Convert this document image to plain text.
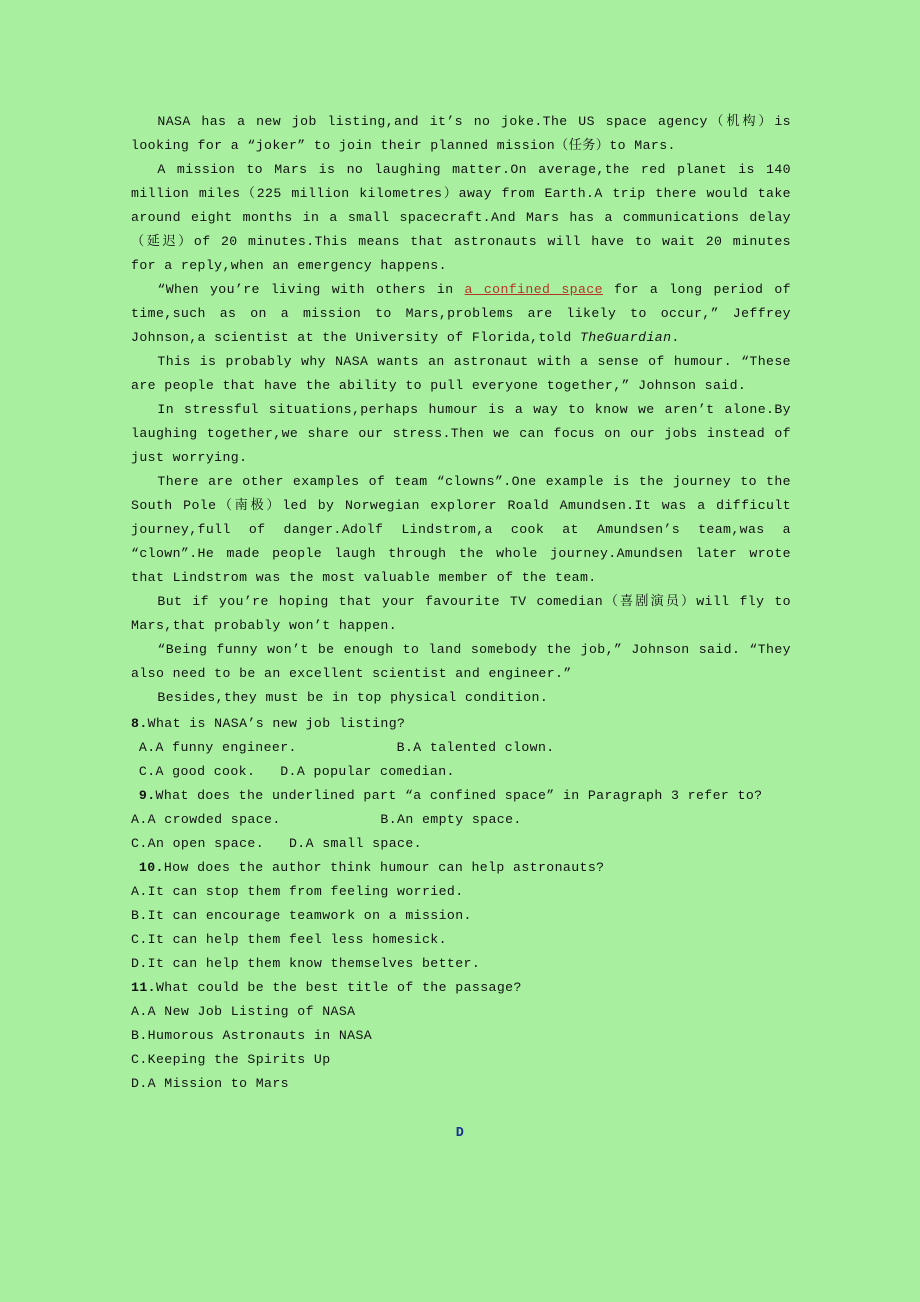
NASA has a new job listing,and it’s no joke.The US space agency（机构）is looking for a “joker” to join their planned mission（任务）to Mars.

A mission to Mars is no laughing matter.On average,the red planet is 140 million miles（225 million kilometres）away from Earth.A trip there would take around eight months in a small spacecraft.And Mars has a communications delay（延迟）of 20 minutes.This means that astronauts will have to wait 20 minutes for a reply,when an emergency happens.

“When you’re living with others in a confined space for a long period of time,such as on a mission to Mars,problems are likely to occur,” Jeffrey Johnson,a scientist at the University of Florida,told TheGuardian.

This is probably why NASA wants an astronaut with a sense of humour. “These are people that have the ability to pull everyone together,” Johnson said.

In stressful situations,perhaps humour is a way to know we aren’t alone.By laughing together,we share our stress.Then we can focus on our jobs instead of just worrying.

There are other examples of team “clowns”.One example is the journey to the South Pole（南极）led by Norwegian explorer Roald Amundsen.It was a difficult journey,full of danger.Adolf Lindstrom,a cook at Amundsen’s team,was a “clown”.He made people laugh through the whole journey.Amundsen later wrote that Lindstrom was the most valuable member of the team.

But if you’re hoping that your favourite TV comedian（喜剧演员）will fly to Mars,that probably won’t happen.

“Being funny won’t be enough to land somebody the job,” Johnson said. “They also need to be an excellent scientist and engineer.”

Besides,they must be in top physical condition.

8.What is NASA’s new job listing?
A.A funny engineer.            B.A talented clown.
C.A good cook.   D.A popular comedian.
9.What does the underlined part “a confined space” in Paragraph 3 refer to?
A.A crowded space.            B.An empty space.
C.An open space.   D.A small space.
10.How does the author think humour can help astronauts?
A.It can stop them from feeling worried.
B.It can encourage teamwork on a mission.
C.It can help them feel less homesick.
D.It can help them know themselves better.
11.What could be the best title of the passage?
A.A New Job Listing of NASA
B.Humorous Astronauts in NASA
C.Keeping the Spirits Up
D.A Mission to Mars
D
